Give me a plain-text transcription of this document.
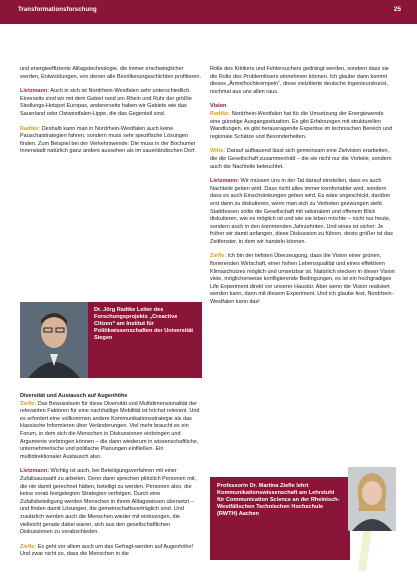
Transformationsforschung	25

und energieeffiziente Alltagstechnologie, die immer erschwinglicher werden, Entwicklungen, von denen alle Bevölkerungsschichten profitieren.

Lietzmann: Auch in sich ist Nordrhein-Westfalen sehr unterschiedlich. Einerseits sind wir mit dem Gebiet rund um Rhein und Ruhr der größte Siedlungs-Hotspot Europas, andererseits haben wir Gebiete wie das Sauerland oder Ostwestfalen-Lippe, die das Gegenteil sind.

Radtke: Deshalb kann man in Nordrhein-Westfalen auch keine Pauschalstrategien fahren, sondern muss sehr spezifische Lösungen finden. Zum Beispiel bei der Verkehrswende: Die muss in der Bochumer Innenstadt natürlich ganz anders aussehen als im sauerländischen Dorf.

Dr. Jörg Radtke Leiter des Forschungsprojekts „Creactive Citizen“ am Institut für Politikwissenschaften der Universität Siegen

Diversität und Austausch auf Augenhöhe

Ziefle: Das Bewusstsein für diese Diversität und Multidimensionalität der relevanten Faktoren für eine nachhaltige Mobilität ist höchst relevant. Und es erfordert eine vollkommen andere Kommunikationsstrategie als das klassische Informieren über Veränderungen. Viel mehr braucht es ein Forum, in dem sich die Menschen in Diskussionen einbringen und Argumente vorbringen können – die dann wiederum in wissenschaftliche, unternehmerische und politische Planungen einfließen. Ein multidirektionaler Austausch also.

Lietzmann: Wichtig ist auch, bei Beteiligungsverfahren mit einer Zufallsauswahl zu arbeiten. Denn dann sprechen plötzlich Personen mit, die nie damit gerechnet hätten, beteiligt zu werden. Personen also, die keine vorab festgelegten Strategien verfolgen. Durch eine Zufallsbeteiligung werden Menschen in ihrem Alltagswissen übersetzt – und finden damit Lösungen, die gemeinschaftsverträglich sind. Und zusätzlich werden auch die Menschen wieder mit einbezogen, die vielleicht gerade dabei waren, sich aus den gesellschaftlichen Diskussionen zu verabschieden.

Ziefle: Es geht vor allem auch um das Gefragt-werden auf Augenhöhe! Und zwar nicht so, dass die Menschen in die

Rolle des Kritikers und Fehlersuchers gedrängt werden, sondern dass sie die Rolle des Problemlösers einnehmen können. Ich glaube dann kommt dieses „Ärmelhochkrempeln“, diese vielzitierte deutsche Ingenieurskunst, nochmal aus uns allen raus.

Vision

Radtke: Nordrhein-Westfalen hat für die Umsetzung der Energiewende eine günstige Ausgangssituation. Es gibt Erfahrungen mit strukturellen Wandlungen, es gibt herausragende Expertise im technischen Bereich und regionale Schätze und Besonderheiten.

Witte: Darauf aufbauend lässt sich gemeinsam eine Zielvision erarbeiten, die die Gesellschaft zusammenhält – die sie nicht nur die Vorteile, sondern auch die Nachteile beleuchtet.

Lietzmann: Wir müssen uns in der Tat darauf einstellen, dass es auch Nachteile geben wird. Dass nicht alles immer komfortabler wird, sondern dass es auch Einschränkungen geben wird. Es wäre ungeschickt, darüber erst dann zu diskutieren, wenn man sich zu Verboten gezwungen sieht. Stattdessen sollte die Gesellschaft mit rationalem und offenem Blick diskutieren, wie es möglich ist und wie sie leben möchte – nicht nur heute, sondern auch in den kommenden Jahrzehnten. Und eines ist sicher: Je früher wir damit anfangen, diese Diskussion zu führen, desto größer ist das Zeitfenster, in dem wir handeln können.

Ziefle: Ich bin der tiefsten Überzeugung, dass die Vision einer grünen, florierenden Wirtschaft, einer hohen Lebensqualität und eines effektiven Klimaschutzes möglich und umsetzbar ist. Natürlich stecken in dieser Vision viele, möglicherweise konfligierende Bedingungen, es ist ein hochgradiges Life Experiment direkt vor unserer Haustür. Aber wenn die Vision realisiert werden kann, dann mit diesem Experiment. Und ich glaube fest, Nordrhein-Westfalen kann das!

Professorin Dr. Martina Ziefle lehrt Kommunikationswissenschaft am Lehrstuhl für Communication Science an der Rheinisch-Westfälischen Technischen Hochschule (RWTH) Aachen
